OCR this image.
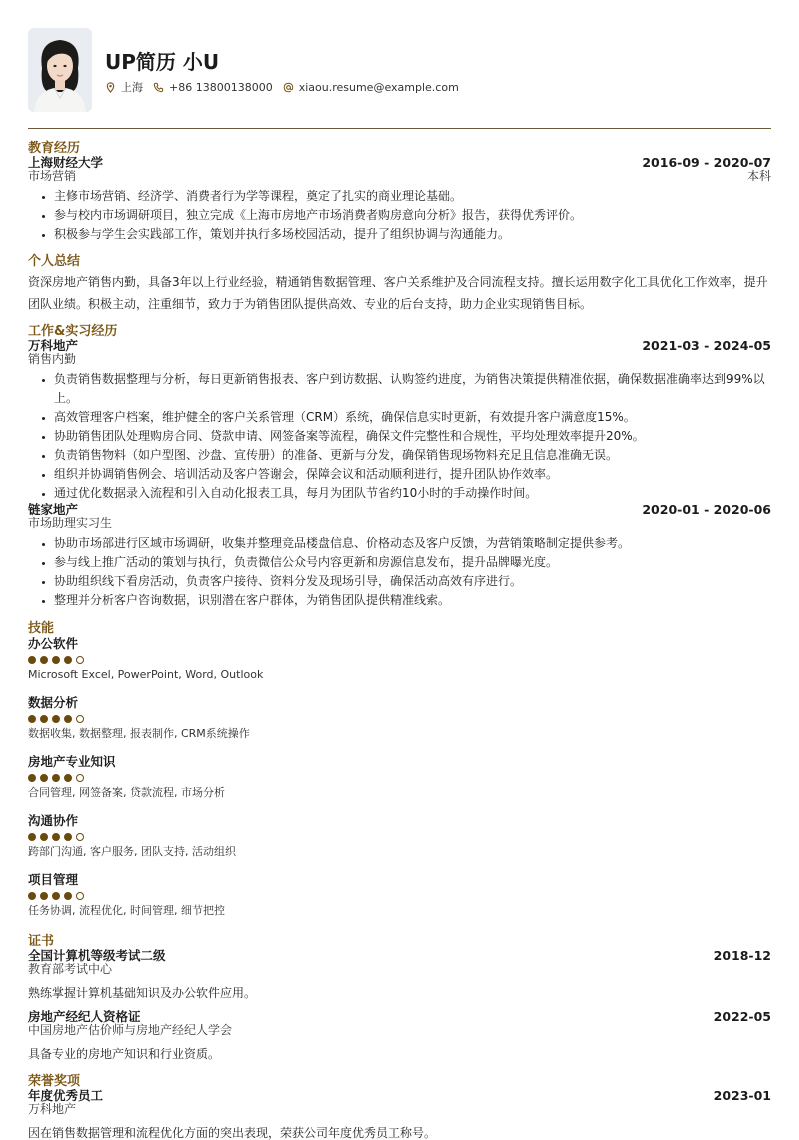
UP简历 小U
上海 +86 13800138000 xiaou.resume@example.com
教育经历
上海财经大学	2016-09 - 2020-07
市场营销	本科
• 主修市场营销、经济学、消费者行为学等课程，奠定了扎实的商业理论基础。
• 参与校内市场调研项目，独立完成《上海市房地产市场消费者购房意向分析》报告，获得优秀评价。
• 积极参与学生会实践部工作，策划并执行多场校园活动，提升了组织协调与沟通能力。
个人总结
资深房地产销售内勤，具备3年以上行业经验，精通销售数据管理、客户关系维护及合同流程支持。擅长运用数字化工具优化工作效率，提升团队业绩。积极主动，注重细节，致力于为销售团队提供高效、专业的后台支持，助力企业实现销售目标。
工作&实习经历
万科地产	2021-03 - 2024-05
销售内勤
• 负责销售数据整理与分析，每日更新销售报表、客户到访数据、认购签约进度，为销售决策提供精准依据，确保数据准确率达到99%以上。
• 高效管理客户档案，维护健全的客户关系管理（CRM）系统，确保信息实时更新，有效提升客户满意度15%。
• 协助销售团队处理购房合同、贷款申请、网签备案等流程，确保文件完整性和合规性，平均处理效率提升20%。
• 负责销售物料（如户型图、沙盘、宣传册）的准备、更新与分发，确保销售现场物料充足且信息准确无误。
• 组织并协调销售例会、培训活动及客户答谢会，保障会议和活动顺利进行，提升团队协作效率。
• 通过优化数据录入流程和引入自动化报表工具，每月为团队节省约10小时的手动操作时间。
链家地产	2020-01 - 2020-06
市场助理实习生
• 协助市场部进行区域市场调研，收集并整理竞品楼盘信息、价格动态及客户反馈，为营销策略制定提供参考。
• 参与线上推广活动的策划与执行，负责微信公众号内容更新和房源信息发布，提升品牌曝光度。
• 协助组织线下看房活动，负责客户接待、资料分发及现场引导，确保活动高效有序进行。
• 整理并分析客户咨询数据，识别潜在客户群体，为销售团队提供精准线索。
技能
办公软件
Microsoft Excel, PowerPoint, Word, Outlook
数据分析
数据收集, 数据整理, 报表制作, CRM系统操作
房地产专业知识
合同管理, 网签备案, 贷款流程, 市场分析
沟通协作
跨部门沟通, 客户服务, 团队支持, 活动组织
项目管理
任务协调, 流程优化, 时间管理, 细节把控
证书
全国计算机等级考试二级	2018-12
教育部考试中心
熟练掌握计算机基础知识及办公软件应用。
房地产经纪人资格证	2022-05
中国房地产估价师与房地产经纪人学会
具备专业的房地产知识和行业资质。
荣誉奖项
年度优秀员工	2023-01
万科地产
因在销售数据管理和流程优化方面的突出表现，荣获公司年度优秀员工称号。
